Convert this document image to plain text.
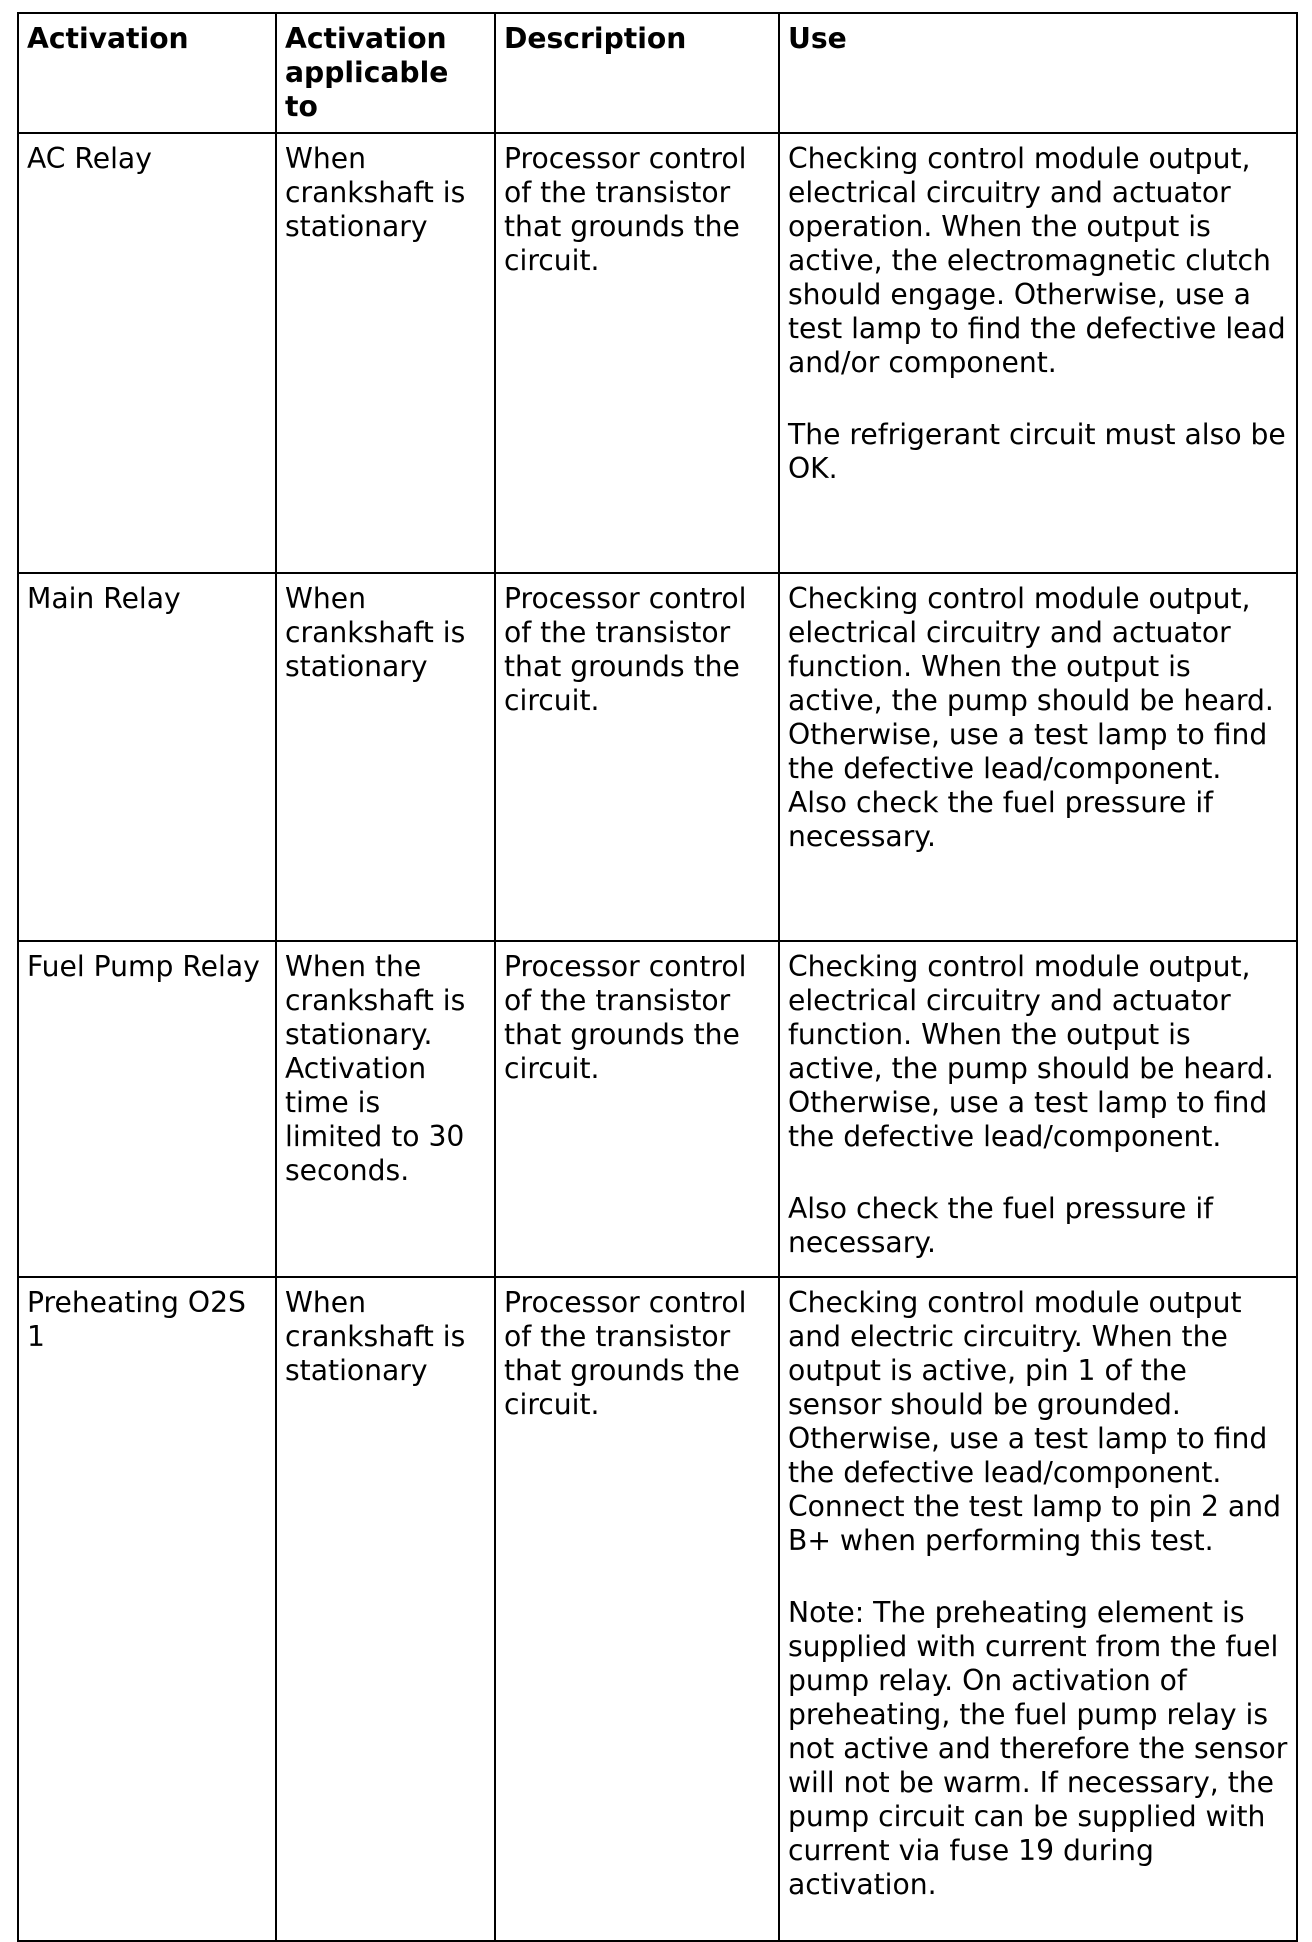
Activation	Activation applicable to	Description	Use
AC Relay	When crankshaft is stationary	Processor control of the transistor that grounds the circuit.	Checking control module output, electrical circuitry and actuator operation. When the output is active, the electromagnetic clutch should engage. Otherwise, use a test lamp to find the defective lead and/or component.
The refrigerant circuit must also be OK.

Main Relay	When crankshaft is stationary	Processor control of the transistor that grounds the circuit.	Checking control module output, electrical circuitry and actuator function. When the output is active, the pump should be heard. Otherwise, use a test lamp to find the defective lead/component. Also check the fuel pressure if necessary.

Fuel Pump Relay	When the crankshaft is stationary. Activation time is limited to 30 seconds.	Processor control of the transistor that grounds the circuit.	Checking control module output, electrical circuitry and actuator function. When the output is active, the pump should be heard. Otherwise, use a test lamp to find the defective lead/component.
Also check the fuel pressure if necessary.

Preheating O2S 1	When crankshaft is stationary	Processor control of the transistor that grounds the circuit.	Checking control module output and electric circuitry. When the output is active, pin 1 of the sensor should be grounded. Otherwise, use a test lamp to find the defective lead/component. Connect the test lamp to pin 2 and B+ when performing this test.
Note: The preheating element is supplied with current from the fuel pump relay. On activation of preheating, the fuel pump relay is not active and therefore the sensor will not be warm. If necessary, the pump circuit can be supplied with current via fuse 19 during activation.
